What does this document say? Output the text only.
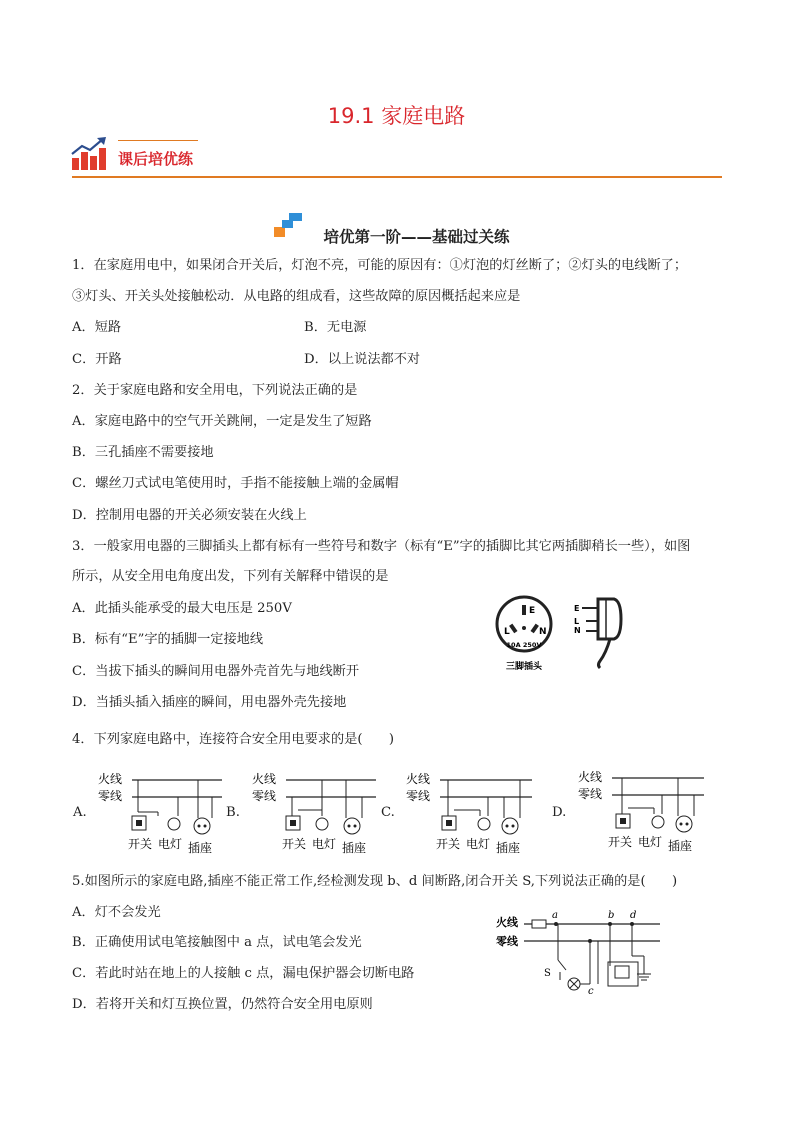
19.1 家庭电路
课后培优练
培优第一阶——基础过关练
1．在家庭用电中，如果闭合开关后，灯泡不亮，可能的原因有：①灯泡的灯丝断了；②灯头的电线断了；
③灯头、开关头处接触松动．从电路的组成看，这些故障的原因概括起来应是
A．短路	B．无电源
C．开路	D．以上说法都不对
2．关于家庭电路和安全用电，下列说法正确的是
A．家庭电路中的空气开关跳闸，一定是发生了短路
B．三孔插座不需要接地
C．螺丝刀式试电笔使用时，手指不能接触上端的金属帽
D．控制用电器的开关必须安装在火线上
3．一般家用电器的三脚插头上都有标有一些符号和数字（标有“E”字的插脚比其它两插脚稍长一些），如图
所示，从安全用电角度出发，下列有关解释中错误的是
A．此插头能承受的最大电压是 250V
B．标有“E”字的插脚一定接地线
C．当拔下插头的瞬间用电器外壳首先与地线断开
D．当插头插入插座的瞬间，用电器外壳先接地
E
L	N
10A 250V
三脚插头
E
L
N
4．下列家庭电路中，连接符合安全用电要求的是(　　)
A.	B.	C.	D.
火线
零线
开关 电灯 插座
火线
零线
开关 电灯 插座
火线
零线
开关 电灯 插座
火线
零线
开关 电灯 插座
5.如图所示的家庭电路,插座不能正常工作,经检测发现 b、d 间断路,闭合开关 S,下列说法正确的是(　　)
A．灯不会发光
B．正确使用试电笔接触图中 a 点，试电笔会发光
C．若此时站在地上的人接触 c 点，漏电保护器会切断电路
D．若将开关和灯互换位置，仍然符合安全用电原则
火线
零线
a	b d
S
c
